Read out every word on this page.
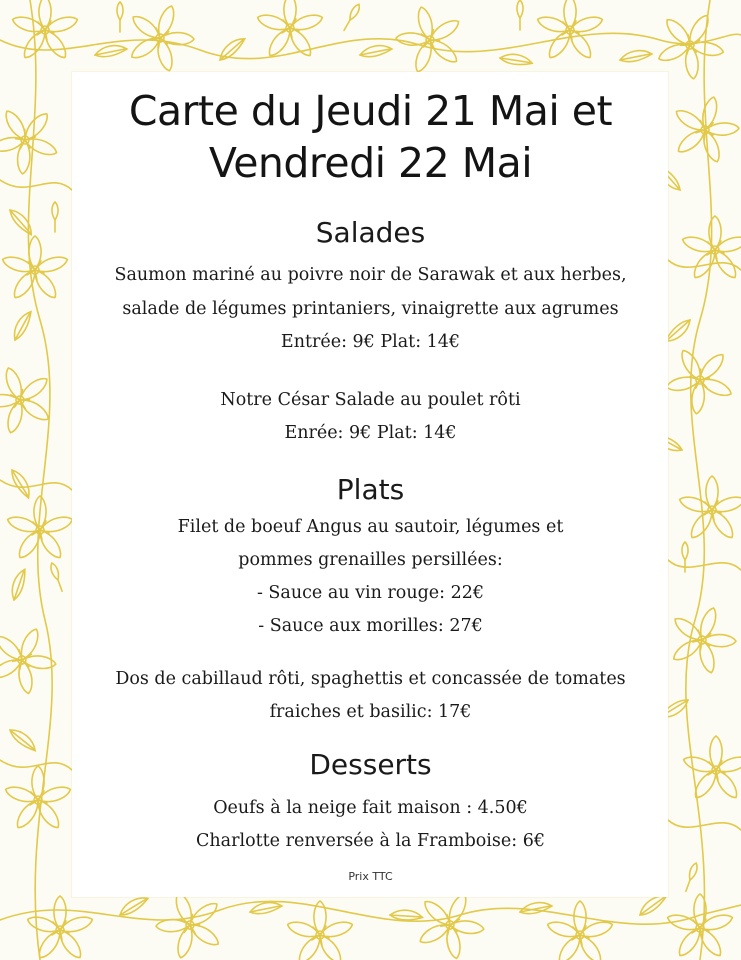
Carte du Jeudi 21 Mai et
Vendredi 22 Mai
Salades
Saumon mariné au poivre noir de Sarawak et aux herbes,
salade de légumes printaniers, vinaigrette aux agrumes
Entrée: 9€ Plat: 14€
Notre César Salade au poulet rôti
Enrée: 9€ Plat: 14€
Plats
Filet de boeuf Angus au sautoir, légumes et
pommes grenailles persillées:
- Sauce au vin rouge: 22€
- Sauce aux morilles: 27€
Dos de cabillaud rôti, spaghettis et concassée de tomates
fraiches et basilic: 17€
Desserts
Oeufs à la neige fait maison : 4.50€
Charlotte renversée à la Framboise: 6€
Prix TTC
